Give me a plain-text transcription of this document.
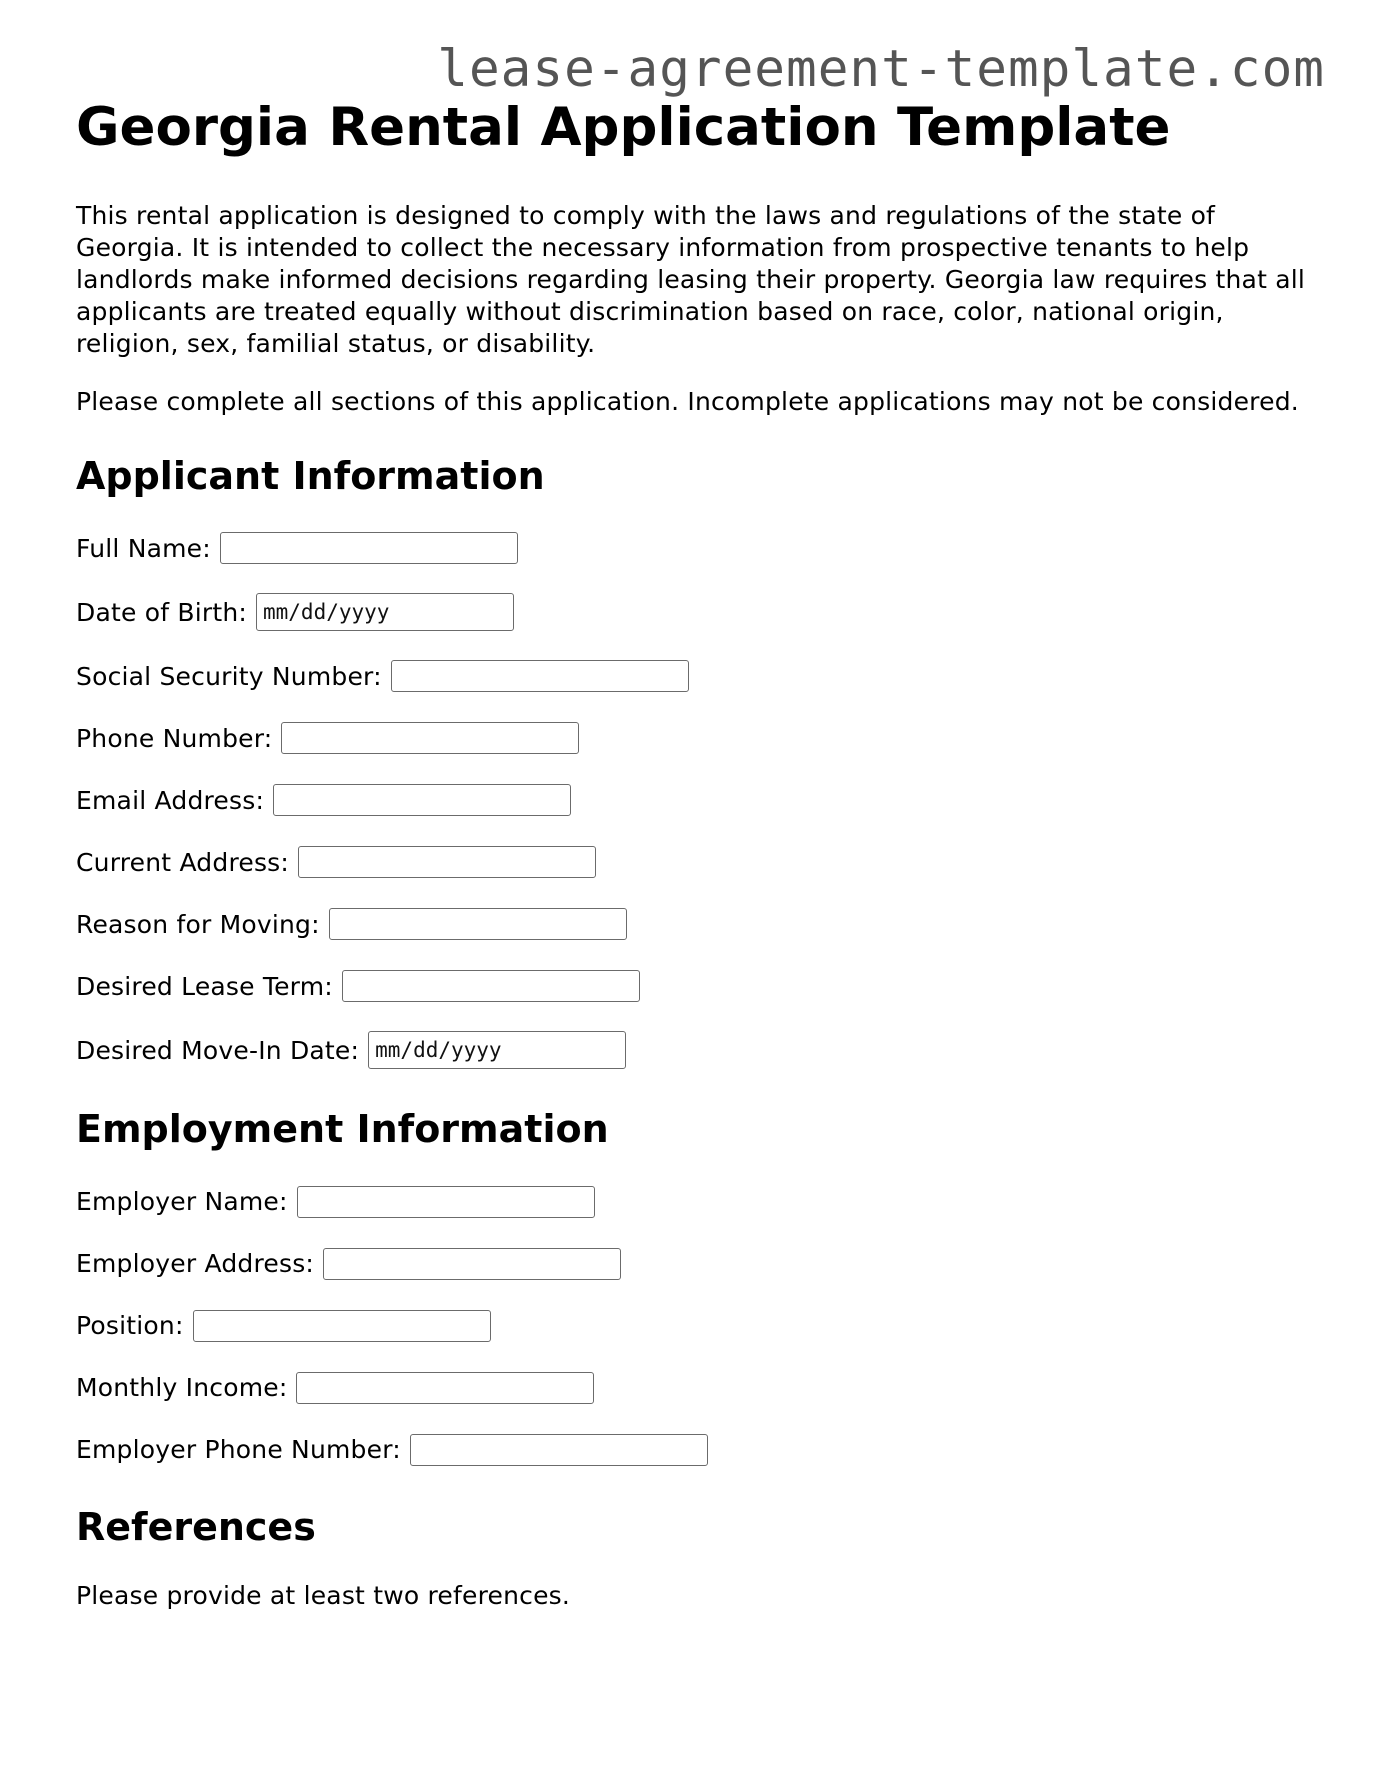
lease-agreement-template.com
Georgia Rental Application Template

This rental application is designed to comply with the laws and regulations of the state of Georgia. It is intended to collect the necessary information from prospective tenants to help landlords make informed decisions regarding leasing their property. Georgia law requires that all applicants are treated equally without discrimination based on race, color, national origin, religion, sex, familial status, or disability.

Please complete all sections of this application. Incomplete applications may not be considered.

Applicant Information
Full Name:
Date of Birth: mm/dd/yyyy
Social Security Number:
Phone Number:
Email Address:
Current Address:
Reason for Moving:
Desired Lease Term:
Desired Move-In Date: mm/dd/yyyy
Employment Information
Employer Name:
Employer Address:
Position:
Monthly Income:
Employer Phone Number:
References

Please provide at least two references.
